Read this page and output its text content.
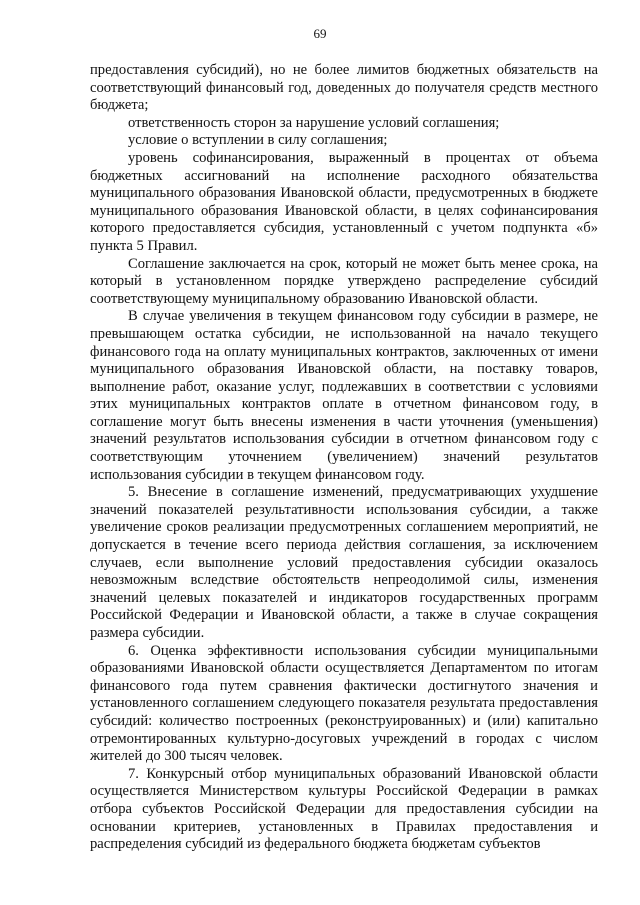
69

предоставления субсидий), но не более лимитов бюджетных обязательств на соответствующий финансовый год, доведенных до получателя средств местного бюджета;

ответственность сторон за нарушение условий соглашения;

условие о вступлении в силу соглашения;

уровень софинансирования, выраженный в процентах от объема бюджетных ассигнований на исполнение расходного обязательства муниципального образования Ивановской области, предусмотренных в бюджете муниципального образования Ивановской области, в целях софинансирования которого предоставляется субсидия, установленный с учетом подпункта «б» пункта 5 Правил.

Соглашение заключается на срок, который не может быть менее срока, на который в установленном порядке утверждено распределение субсидий соответствующему муниципальному образованию Ивановской области.

В случае увеличения в текущем финансовом году субсидии в размере, не превышающем остатка субсидии, не использованной на начало текущего финансового года на оплату муниципальных контрактов, заключенных от имени муниципального образования Ивановской области, на поставку товаров, выполнение работ, оказание услуг, подлежавших в соответствии с условиями этих муниципальных контрактов оплате в отчетном финансовом году, в соглашение могут быть внесены изменения в части уточнения (уменьшения) значений результатов использования субсидии в отчетном финансовом году с соответствующим уточнением (увеличением) значений результатов использования субсидии в текущем финансовом году.

5. Внесение в соглашение изменений, предусматривающих ухудшение значений показателей результативности использования субсидии, а также увеличение сроков реализации предусмотренных соглашением мероприятий, не допускается в течение всего периода действия соглашения, за исключением случаев, если выполнение условий предоставления субсидии оказалось невозможным вследствие обстоятельств непреодолимой силы, изменения значений целевых показателей и индикаторов государственных программ Российской Федерации и Ивановской области, а также в случае сокращения размера субсидии.

6. Оценка эффективности использования субсидии муниципальными образованиями Ивановской области осуществляется Департаментом по итогам финансового года путем сравнения фактически достигнутого значения и установленного соглашением следующего показателя результата предоставления субсидий: количество построенных (реконструированных) и (или) капитально отремонтированных культурно-досуговых учреждений в городах с числом жителей до 300 тысяч человек.

7. Конкурсный отбор муниципальных образований Ивановской области осуществляется Министерством культуры Российской Федерации в рамках отбора субъектов Российской Федерации для предоставления субсидии на основании критериев, установленных в Правилах предоставления и распределения субсидий из федерального бюджета бюджетам субъектов
